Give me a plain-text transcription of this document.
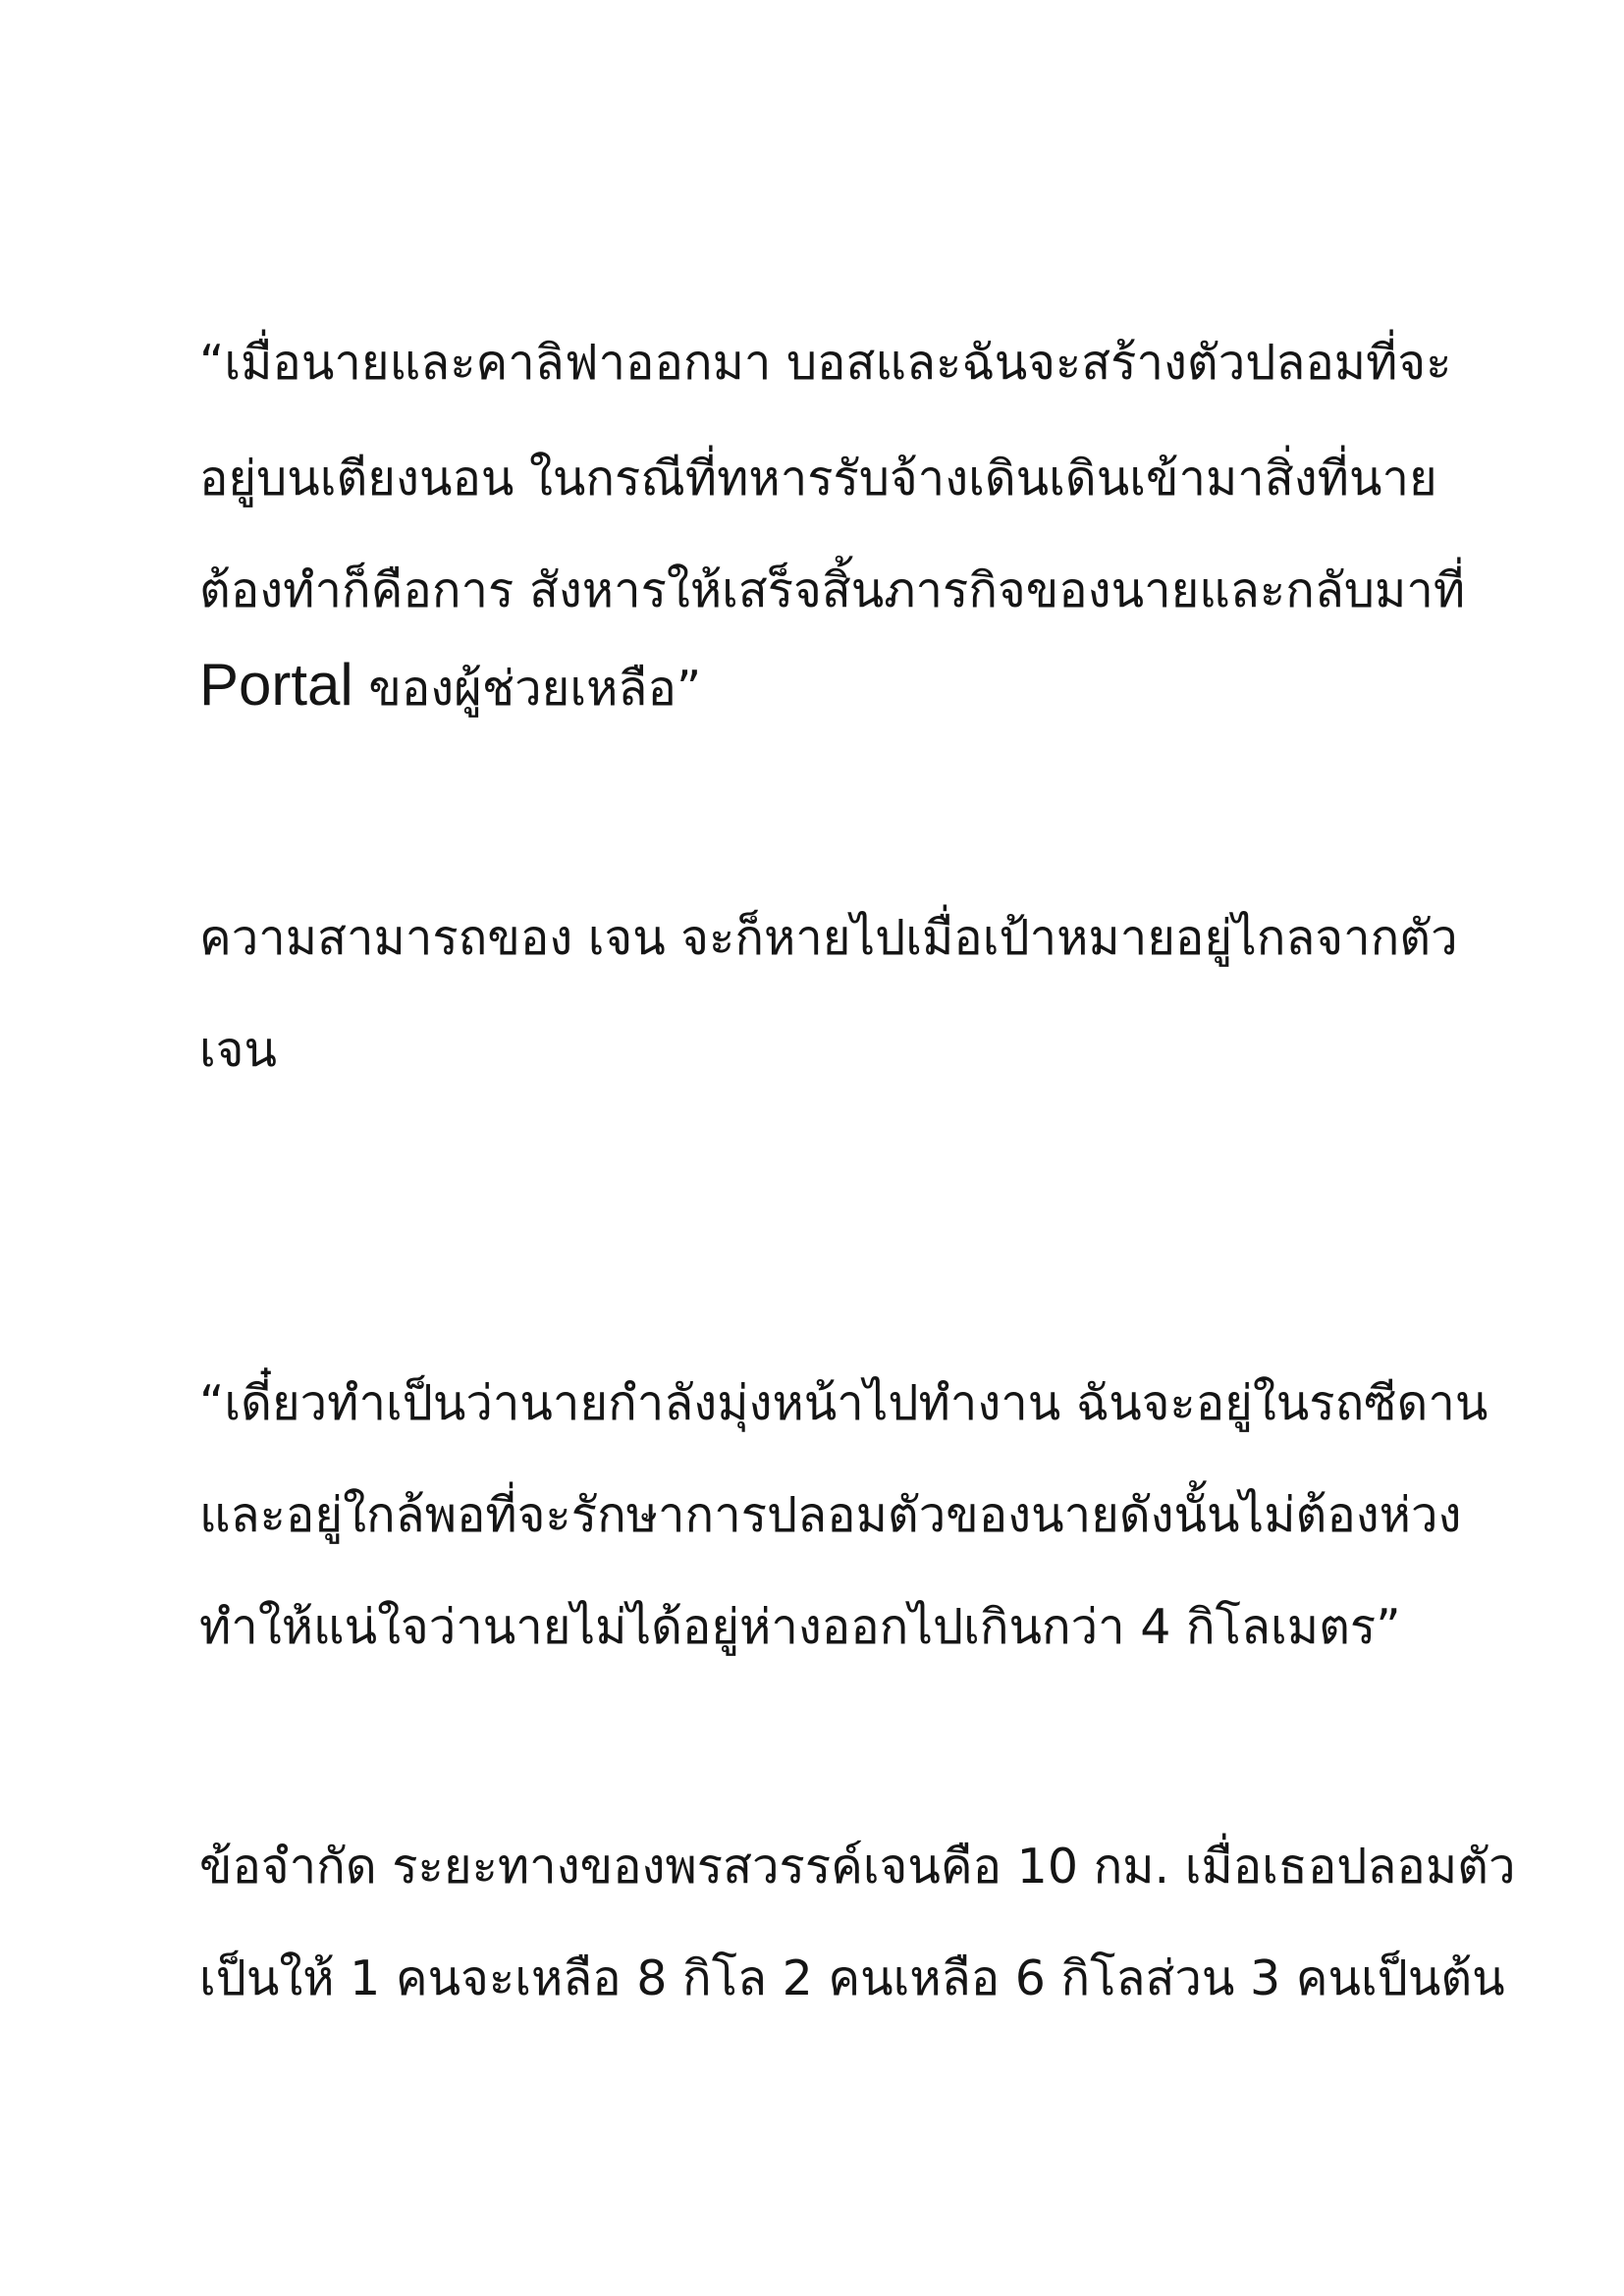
“เมื่อนายและคาลิฟาออกมา บอสและฉันจะสร้างตัวปลอมที่จะ
อยู่บนเตียงนอน ในกรณีที่ทหารรับจ้างเดินเดินเข้ามาสิ่งที่นาย
ต้องทำก็คือการ สังหารให้เสร็จสิ้นภารกิจของนายและกลับมาที่
Portal ของผู้ช่วยเหลือ”
ความสามารถของ เจน จะก็หายไปเมื่อเป้าหมายอยู่ไกลจากตัว
เจน
“เดี๋ยวทำเป็นว่านายกำลังมุ่งหน้าไปทำงาน ฉันจะอยู่ในรถซีดาน
และอยู่ใกล้พอที่จะรักษาการปลอมตัวของนายดังนั้นไม่ต้องห่วง
ทำให้แน่ใจว่านายไม่ได้อยู่ห่างออกไปเกินกว่า 4 กิโลเมตร”
ข้อจำกัด ระยะทางของพรสวรรค์เจนคือ 10 กม. เมื่อเธอปลอมตัว
เป็นให้ 1 คนจะเหลือ 8 กิโล 2 คนเหลือ 6 กิโลส่วน 3 คนเป็นต้น
